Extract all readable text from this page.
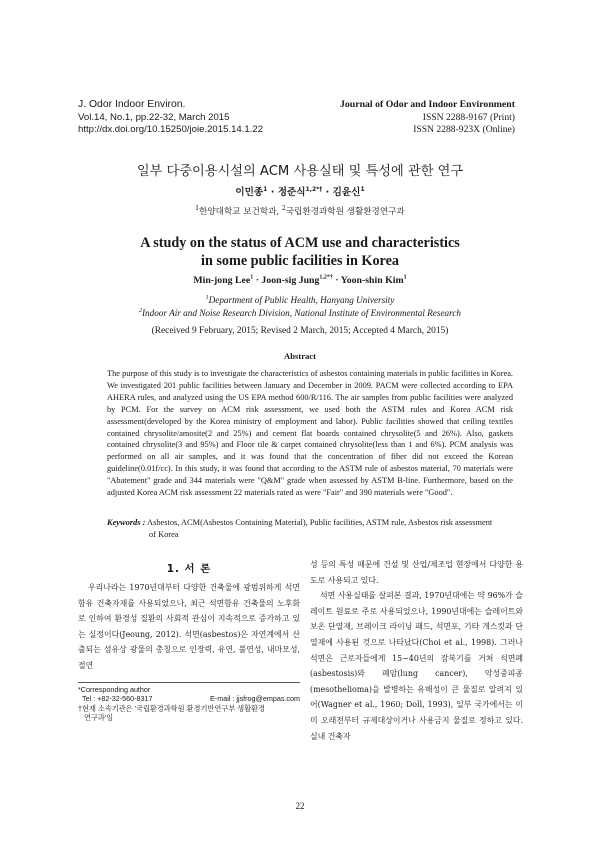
J. Odor Indoor Environ.
Vol.14, No.1, pp.22-32, March 2015
http://dx.doi.org/10.15250/joie.2015.14.1.22
Journal of Odor and Indoor Environment
ISSN 2288-9167 (Print)
ISSN 2288-923X (Online)
일부 다중이용시설의 ACM 사용실태 및 특성에 관한 연구
이민종$^1$ · 정준식$^{1,2*\dagger}$ · 김윤신$^1$
$^1$한양대학교 보건학과, $^2$국립환경과학원 생활환경연구과
A study on the status of ACM use and characteristics
in some public facilities in Korea
Min-jong Lee$^1$ · Joon-sig Jung$^{1,2*\dagger}$ · Yoon-shin Kim$^1$
$^1$Department of Public Health, Hanyang University
$^2$Indoor Air and Noise Research Division, National Institute of Environmental Research
(Received 9 February, 2015; Revised 2 March, 2015; Accepted 4 March, 2015)
Abstract
The purpose of this study is to investigate the characteristics of asbestos containing materials in public facilities in Korea. We investigated 201 public facilities between January and December in 2009. PACM were collected according to EPA AHERA rules, and analyzed using the US EPA method 600/R/116. The air samples from public facilities were analyzed by PCM. For the survey on ACM risk assessment, we used both the ASTM rules and Korea ACM risk assessment(developed by the Korea ministry of employment and labor). Public facilities showed that ceiling textiles contained chrysolite/amosite(2 and 25%) and cement flat boards contained chrysolite(5 and 26%). Also, gaskets contained chrysolite(3 and 95%) and Floor tile & carpet contained chrysolite(less than 1 and 6%). PCM analysis was performed on all air samples, and it was found that the concentration of fiber did not exceed the Korean guideline(0.01f/cc). In this study, it was found that according to the ASTM rule of asbestos material, 70 materials were "Abatement" grade and 344 materials were "Q&M" grade when assessed by ASTM B-line. Furthermore, based on the adjusted Korea ACM risk assessment 22 materials rated as were "Fair" and 390 materials were "Good".
Keywords : Asbestos, ACM(Asbestos Containing Material), Public facilities, ASTM rule, Asbestos risk assessment
of Korea
1. 서 론

우리나라는 1970년대부터 다양한 건축물에 광범위하게 석면함유 건축자재를 사용되었으나, 최근 석면함유 건축물의 노후화로 인하여 환경성 질환의 사회적 관심이 지속적으로 증가하고 있는 실정이다(Jeoung, 2012). 석면(asbestos)은 자연계에서 산출되는 섬유상 광물의 총칭으로 인장력, 유연, 불연성, 내마모성, 절연

성 등의 특성 때문에 건설 및 산업/제조업 현장에서 다양한 용도로 사용되고 있다.

석면 사용실태를 살펴본 결과, 1970년대에는 약 96%가 슬레이트 원료로 주로 사용되었으나, 1990년대에는 슬레이트와 보온 단열재, 브레이크 라이닝 패드, 석면포, 기타 개스킷과 단열재에 사용된 것으로 나타났다(Choi et al., 1998). 그러나 석면은 근로자들에게 15~40년의 잠복기를 거쳐 석면폐(asbestosis)와 폐암(lung cancer), 악성중피종(mesothelioma)을 발병하는 유해성이 큰 물질로 알려져 있어(Wagner et al., 1960; Doll, 1993), 일부 국가에서는 이미 오래전부터 규제대상이거나 사용금지 물질로 정하고 있다. 실내 건축자

*Corresponding author
Tel : +82-32-560-8317	E-mail : jjsfrog@empas.com
†현재 소속기관은 '국립환경과학원 환경기반연구부 생활환경
연구과'임
22
